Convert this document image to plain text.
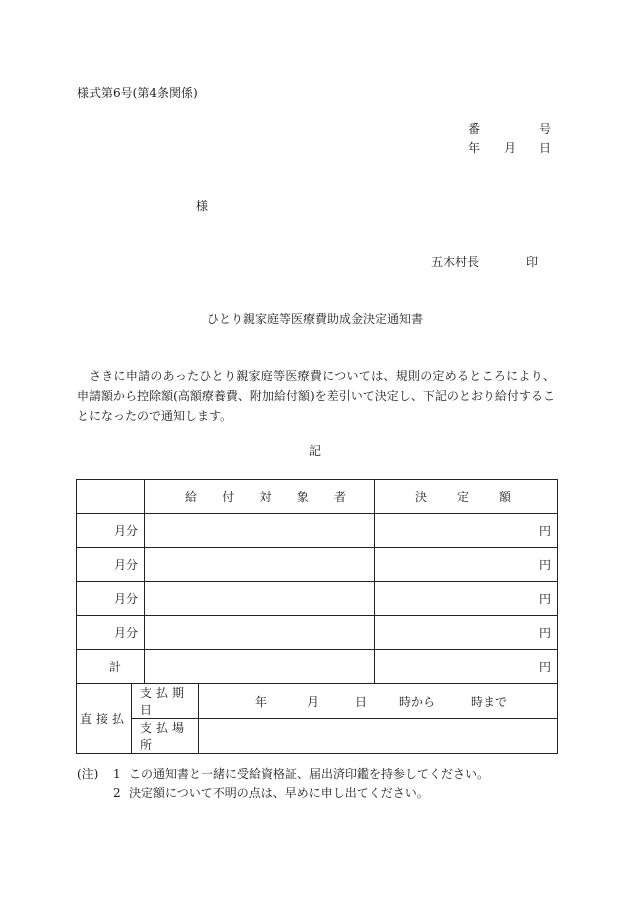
様式第6号(第4条関係)
番	号
年 月 日
様
五木村長	印
ひとり親家庭等医療費助成金決定通知書
さきに申請のあったひとり親家庭等医療費については、規則の定めるところにより、申請額から控除額(高額療養費、附加給付額)を差引いて決定し、下記のとおり給付することになったので通知します。
記

		給 付 対 象 者		決 定 額

月分				円
月分				円
月分				円
月分				円
計				円
直接払	支払期日		年 月 日 時から 時まで	

	支払場所			
(注)	1 この通知書と一緒に受給資格証、届出済印鑑を持参してください。
2 決定額について不明の点は、早めに申し出てください。
